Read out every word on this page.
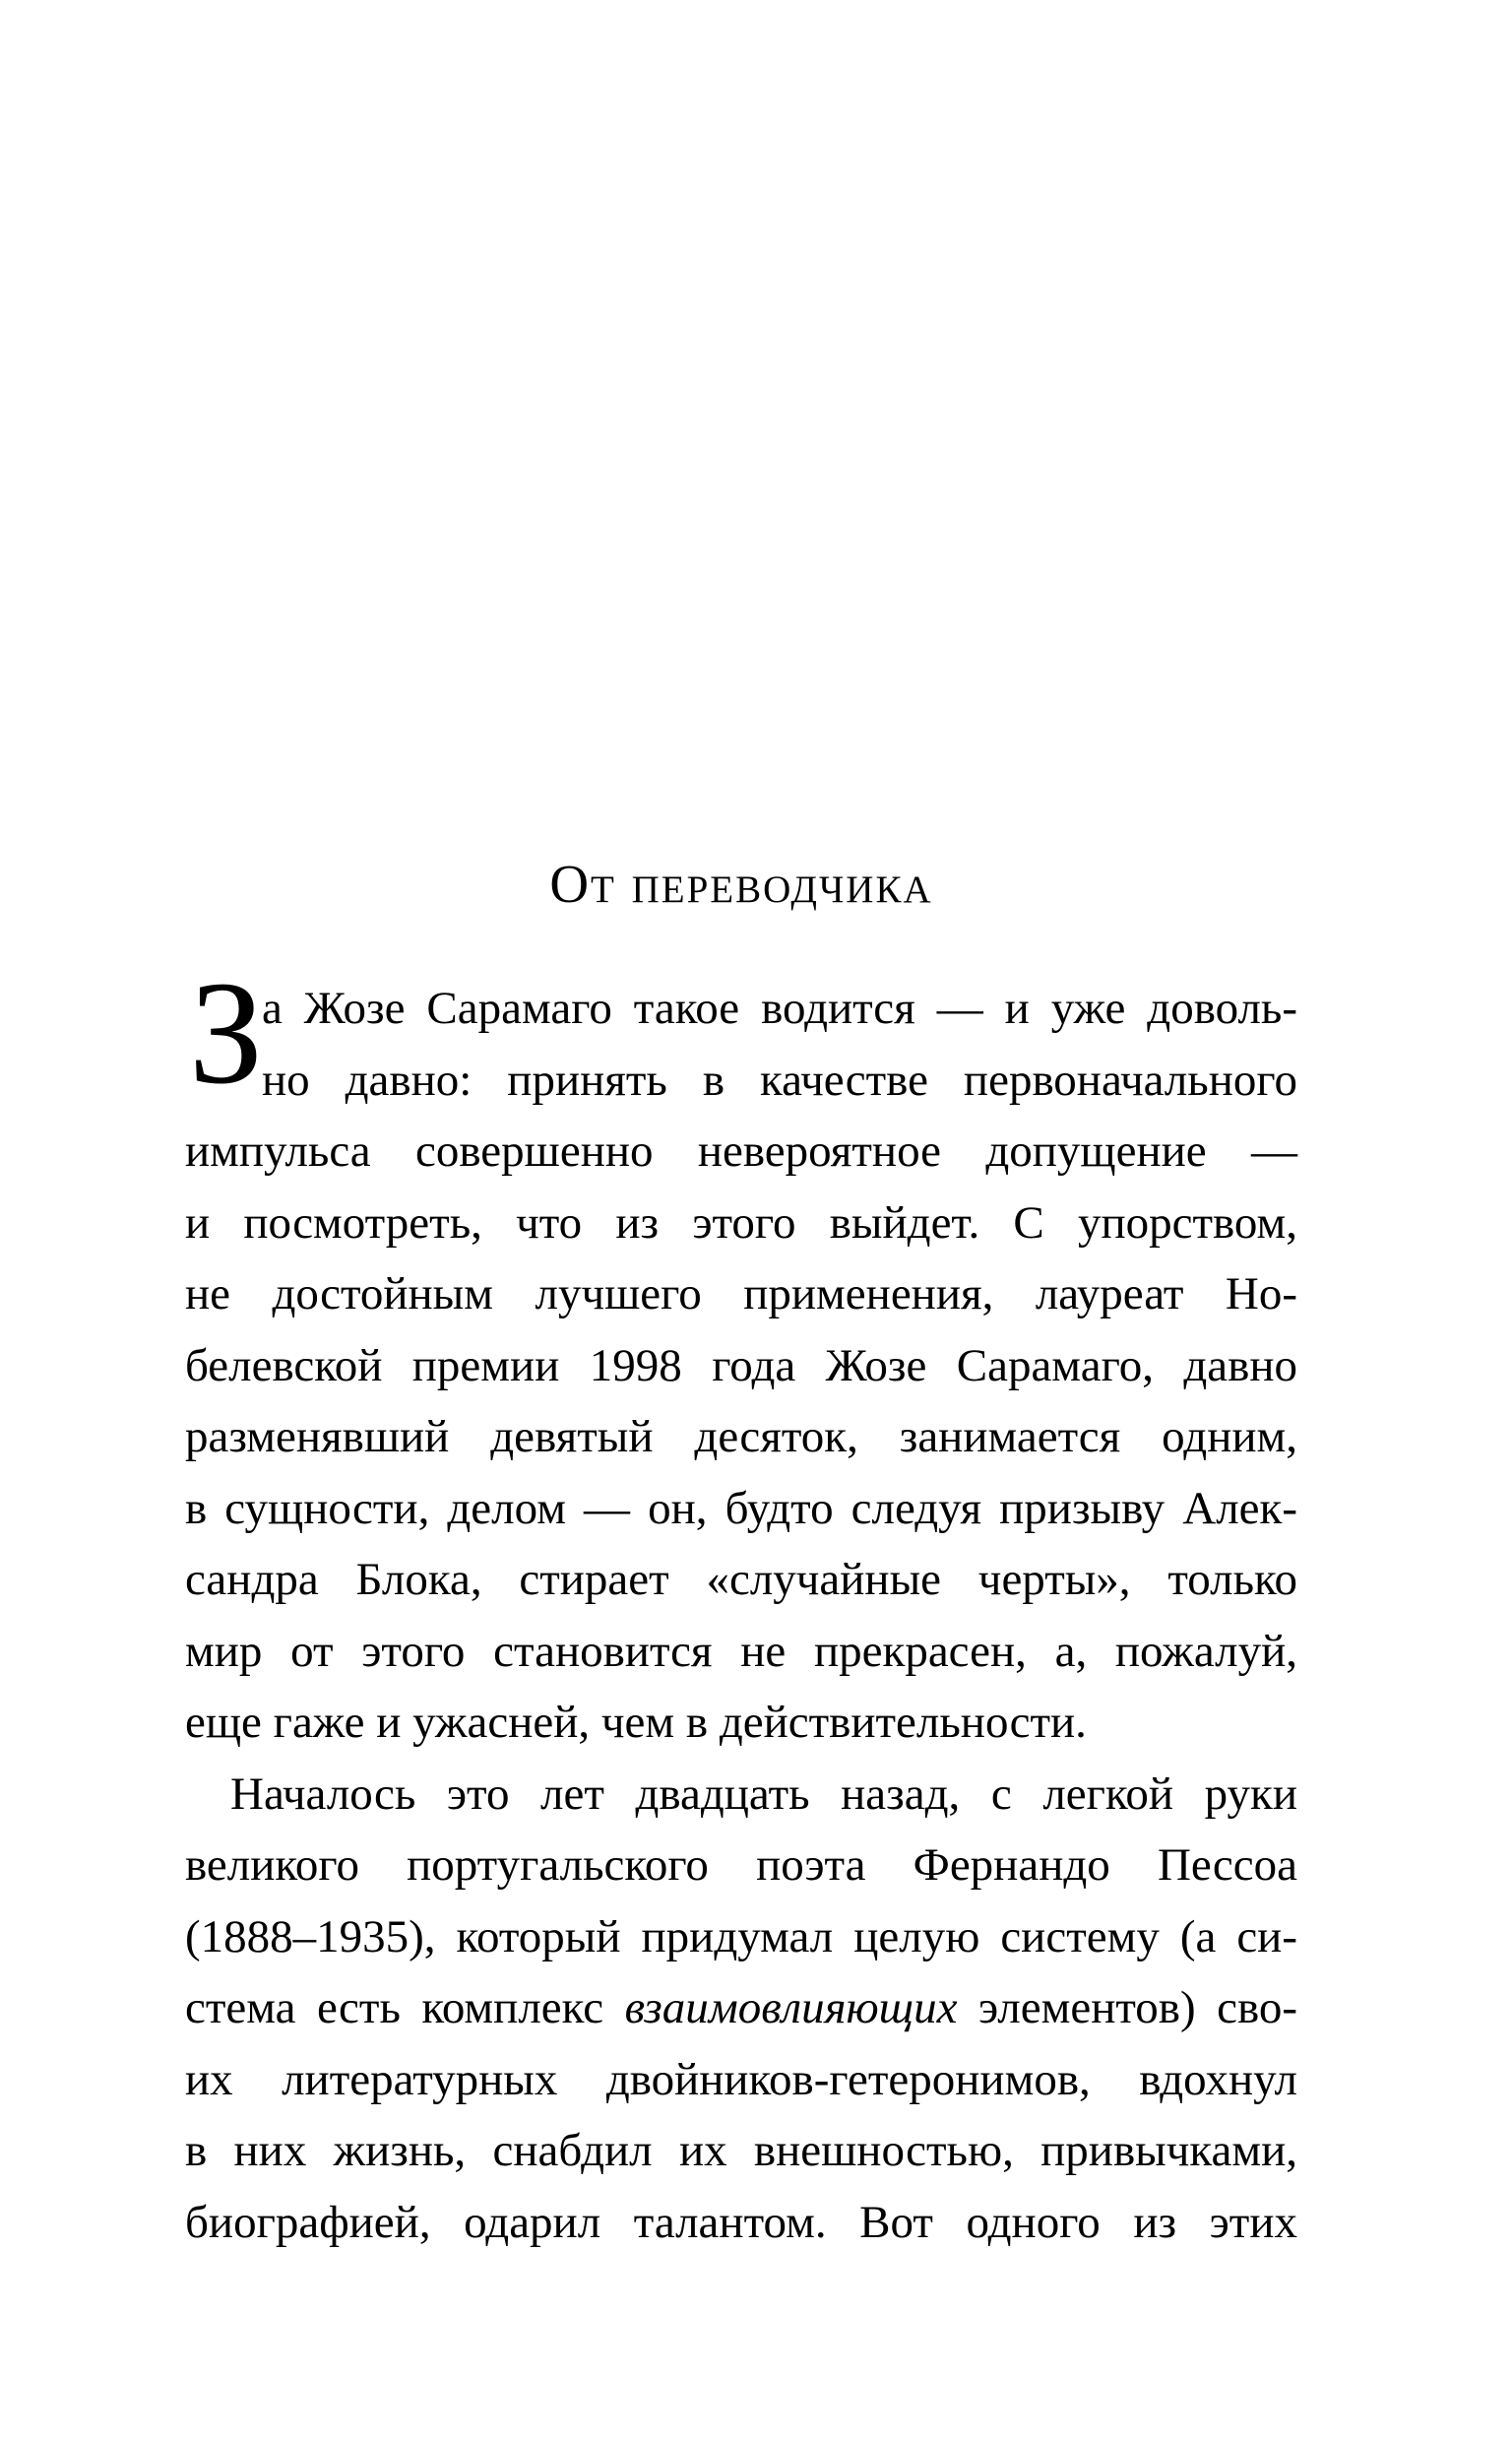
От переводчика
З
а Жозе Сарамаго такое водится — и уже доволь-
но давно: принять в качестве первоначального
импульса совершенно невероятное допущение —
и посмотреть, что из этого выйдет. С упорством,
не достойным лучшего применения, лауреат Но-
белевской премии 1998 года Жозе Сарамаго, давно
разменявший девятый десяток, занимается одним,
в сущности, делом — он, будто следуя призыву Алек-
сандра Блока, стирает «случайные черты», только
мир от этого становится не прекрасен, а, пожалуй,
еще гаже и ужасней, чем в действительности.
Началось это лет двадцать назад, с легкой руки
великого португальского поэта Фернандо Пессоа
(1888–1935), который придумал целую систему (а си-
стема есть комплекс взаимовлияющих элементов) сво-
их литературных двойников-гетеронимов, вдохнул
в них жизнь, снабдил их внешностью, привычками,
биографией, одарил талантом. Вот одного из этих
